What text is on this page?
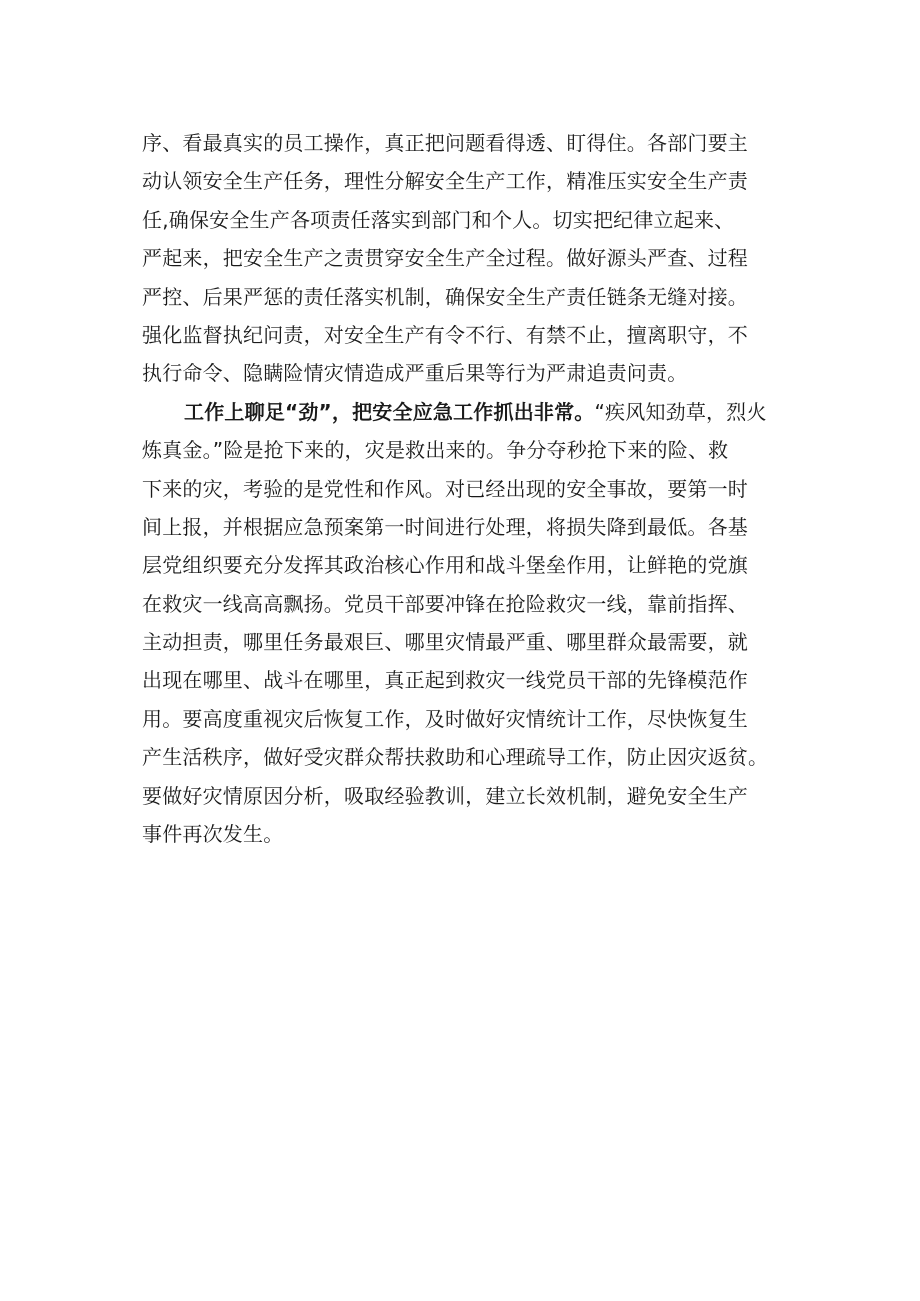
序、看最真实的员工操作，真正把问题看得透、盯得住。各部门要主
动认领安全生产任务，理性分解安全生产工作，精准压实安全生产责
任,确保安全生产各项责任落实到部门和个人。切实把纪律立起来、
严起来，把安全生产之责贯穿安全生产全过程。做好源头严查、过程
严控、后果严惩的责任落实机制，确保安全生产责任链条无缝对接。
强化监督执纪问责，对安全生产有令不行、有禁不止，擅离职守，不
执行命令、隐瞒险情灾情造成严重后果等行为严肃追责问责。
工作上聊足“劲”，把安全应急工作抓出非常。“疾风知劲草，烈火
炼真金。”险是抢下来的，灾是救出来的。争分夺秒抢下来的险、救
下来的灾，考验的是党性和作风。对已经出现的安全事故，要第一时
间上报，并根据应急预案第一时间进行处理，将损失降到最低。各基
层党组织要充分发挥其政治核心作用和战斗堡垒作用，让鲜艳的党旗
在救灾一线高高飘扬。党员干部要冲锋在抢险救灾一线，靠前指挥、
主动担责，哪里任务最艰巨、哪里灾情最严重、哪里群众最需要，就
出现在哪里、战斗在哪里，真正起到救灾一线党员干部的先锋模范作
用。要高度重视灾后恢复工作，及时做好灾情统计工作，尽快恢复生
产生活秩序，做好受灾群众帮扶救助和心理疏导工作，防止因灾返贫。
要做好灾情原因分析，吸取经验教训，建立长效机制，避免安全生产
事件再次发生。
